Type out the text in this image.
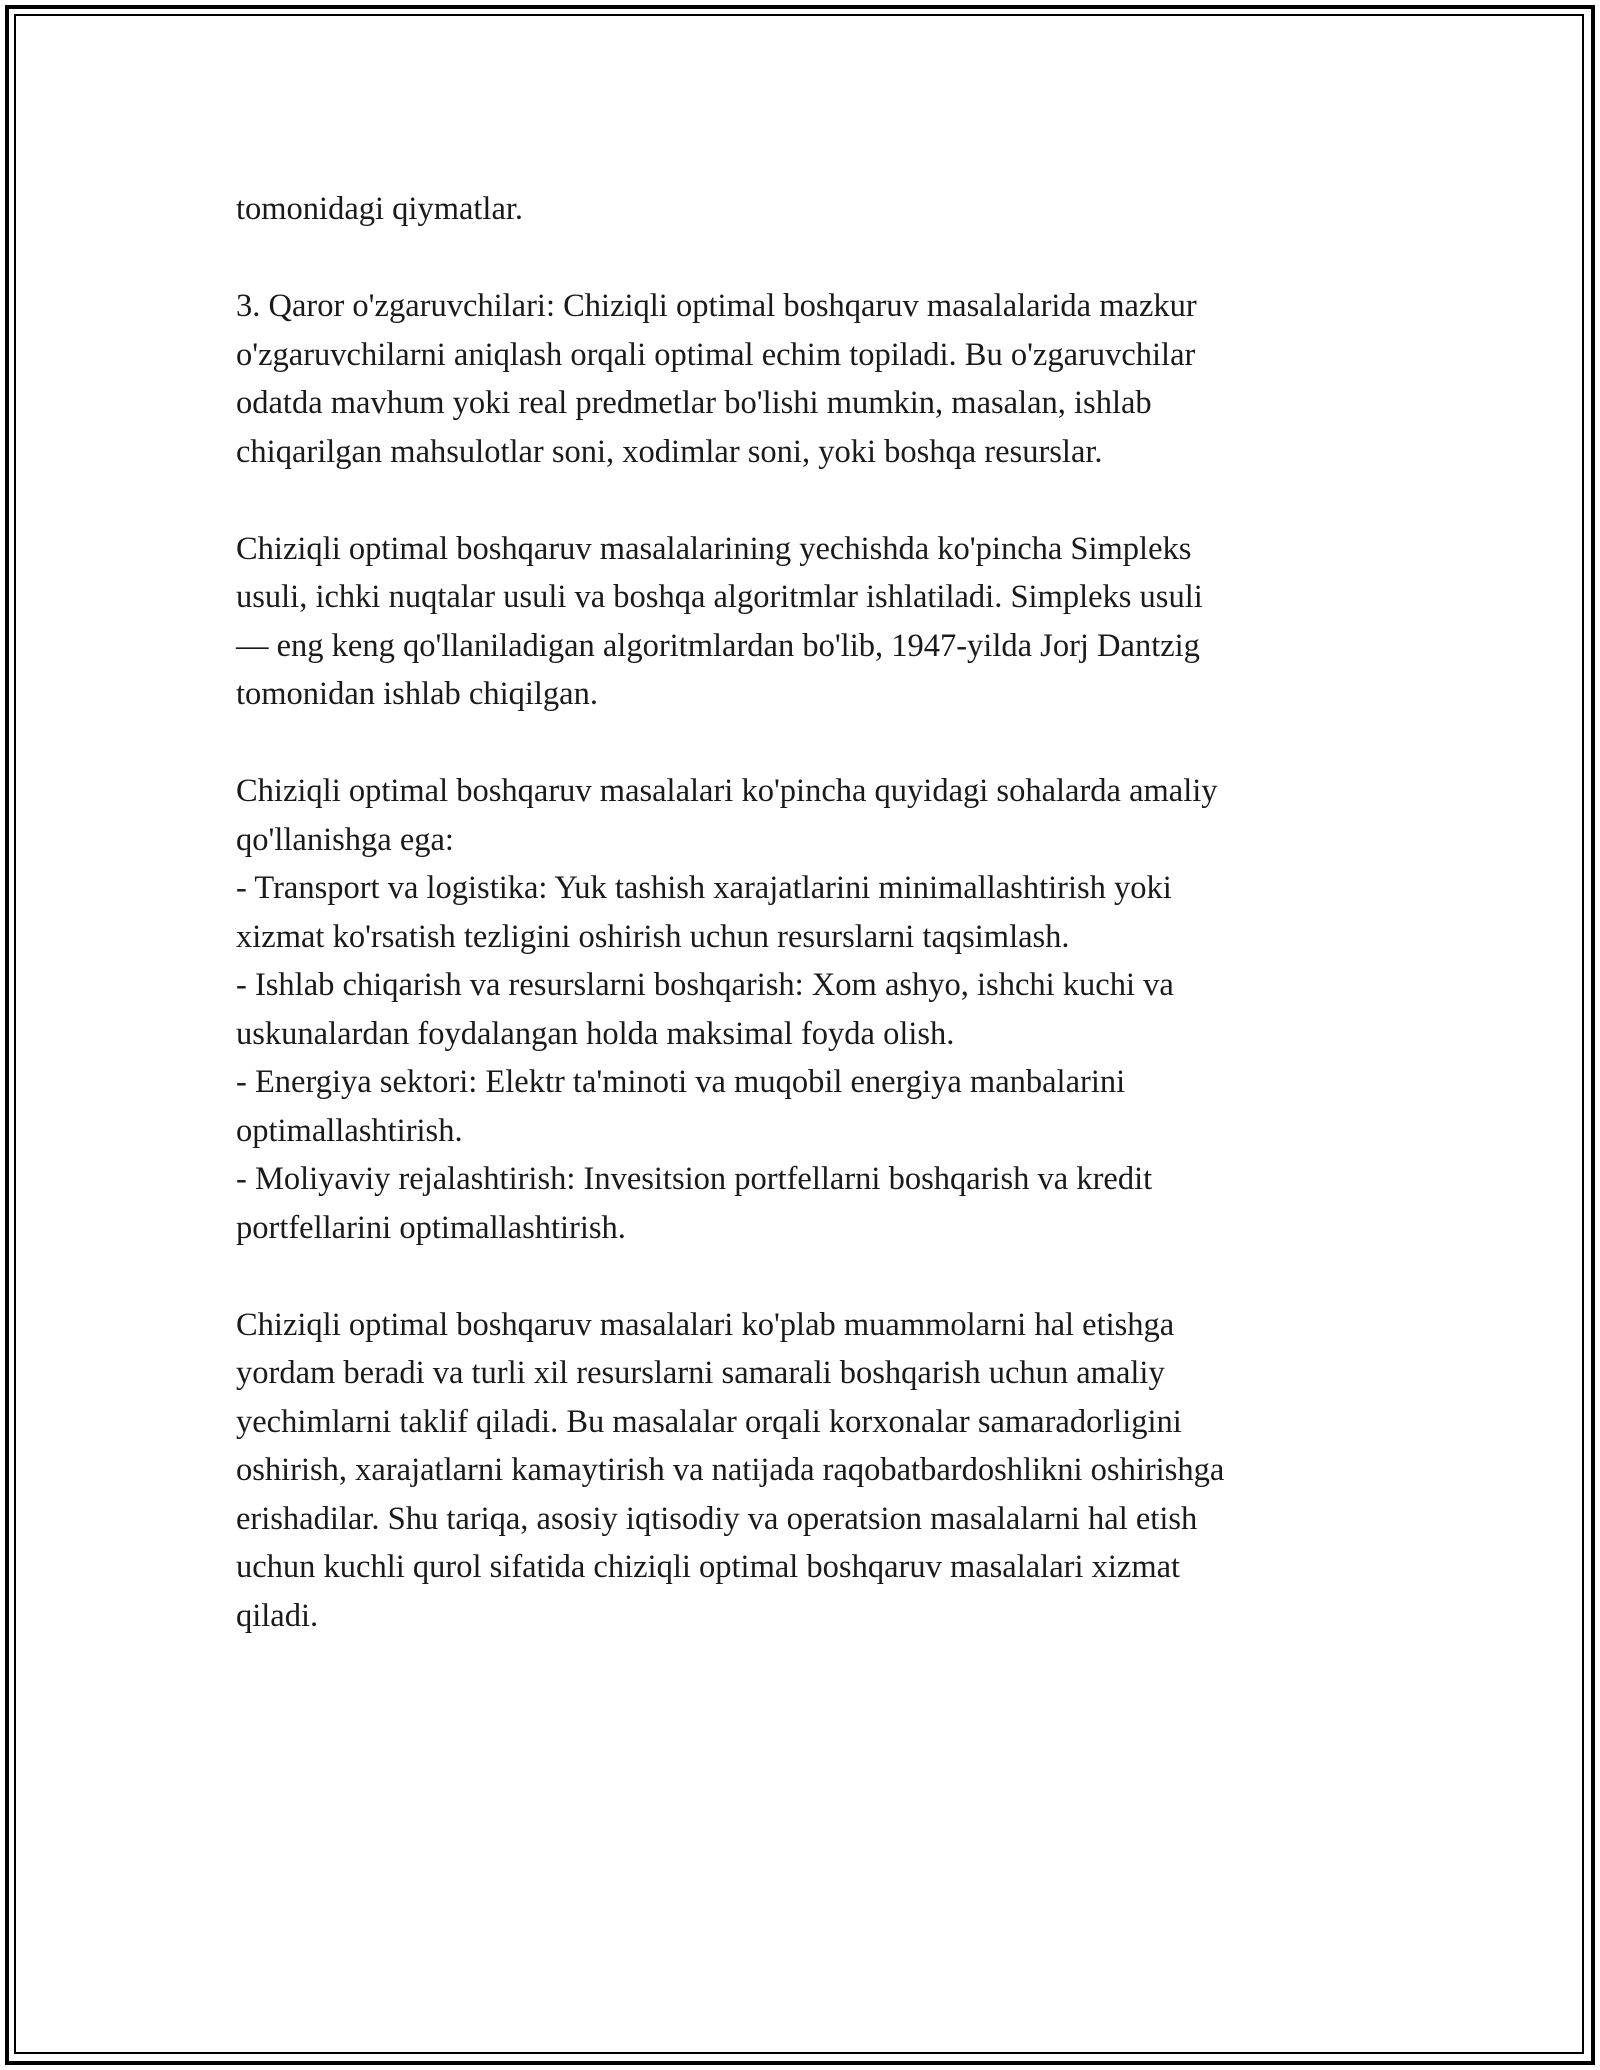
tomonidagi qiymatlar.

3. Qaror o'zgaruvchilari: Chiziqli optimal boshqaruv masalalarida mazkur
o'zgaruvchilarni aniqlash orqali optimal echim topiladi. Bu o'zgaruvchilar
odatda mavhum yoki real predmetlar bo'lishi mumkin, masalan, ishlab
chiqarilgan mahsulotlar soni, xodimlar soni, yoki boshqa resurslar.

Chiziqli optimal boshqaruv masalalarining yechishda ko'pincha Simpleks
usuli, ichki nuqtalar usuli va boshqa algoritmlar ishlatiladi. Simpleks usuli
— eng keng qo'llaniladigan algoritmlardan bo'lib, 1947-yilda Jorj Dantzig
tomonidan ishlab chiqilgan.

Chiziqli optimal boshqaruv masalalari ko'pincha quyidagi sohalarda amaliy
qo'llanishga ega:
- Transport va logistika: Yuk tashish xarajatlarini minimallashtirish yoki
xizmat ko'rsatish tezligini oshirish uchun resurslarni taqsimlash.
- Ishlab chiqarish va resurslarni boshqarish: Xom ashyo, ishchi kuchi va
uskunalardan foydalangan holda maksimal foyda olish.
- Energiya sektori: Elektr ta'minoti va muqobil energiya manbalarini
optimallashtirish.
- Moliyaviy rejalashtirish: Invesitsion portfellarni boshqarish va kredit
portfellarini optimallashtirish.

Chiziqli optimal boshqaruv masalalari ko'plab muammolarni hal etishga
yordam beradi va turli xil resurslarni samarali boshqarish uchun amaliy
yechimlarni taklif qiladi. Bu masalalar orqali korxonalar samaradorligini
oshirish, xarajatlarni kamaytirish va natijada raqobatbardoshlikni oshirishga
erishadilar. Shu tariqa, asosiy iqtisodiy va operatsion masalalarni hal etish
uchun kuchli qurol sifatida chiziqli optimal boshqaruv masalalari xizmat
qiladi.
